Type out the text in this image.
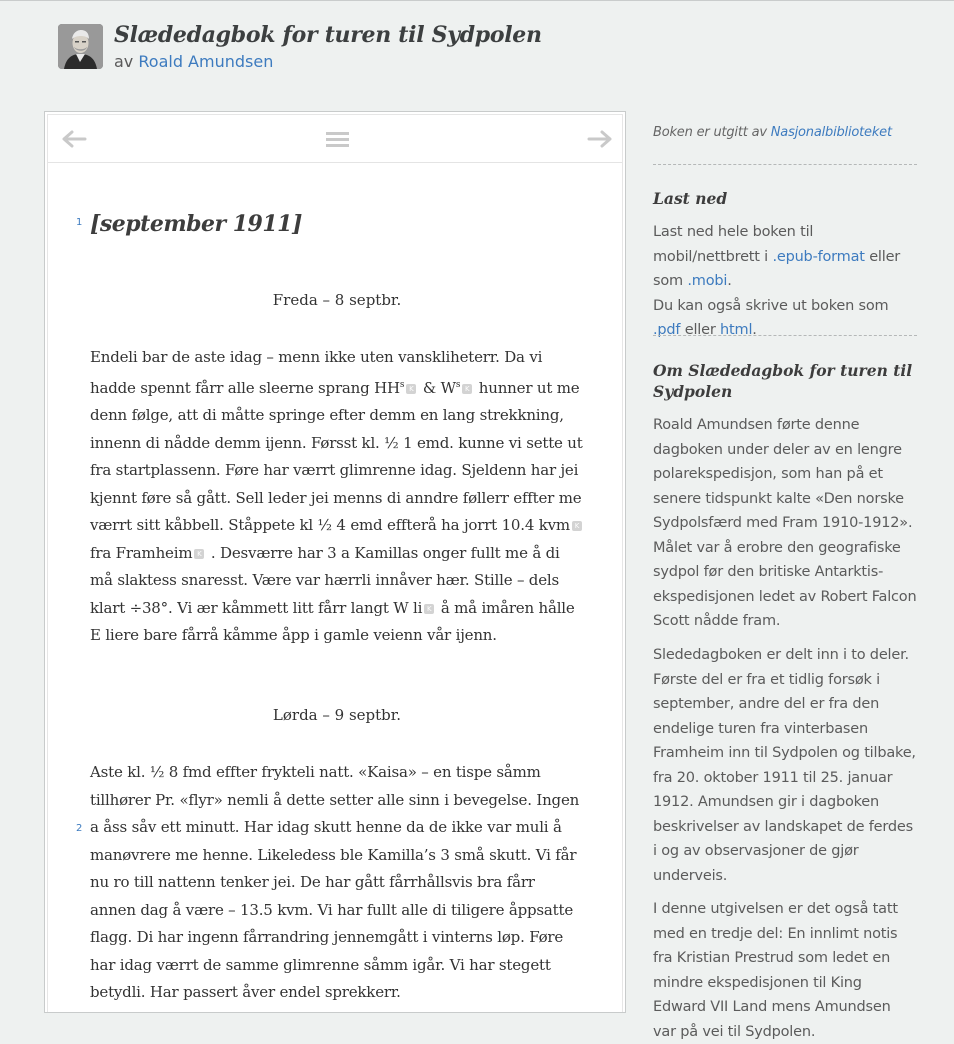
Slædedagbok for turen til Sydpolen
av Roald Amundsen
1 [september 1911]
Freda – 8 septbr.
Endeli bar de aste idag – menn ikke uten vanskliheterr. Da vi hadde spennt fårr alle sleerne sprang $HH^s$ K & $W^s$ K hunner ut me denn følge, att di måtte springe efter demm en lang strekkning, innenn di nådde demm ijenn. Førsst kl. ½ 1 emd. kunne vi sette ut fra startplassenn. Føre har værrt glimrenne idag. Sjeldenn har jei kjennt føre så gått. Sell leder jei menns di anndre føllerr effter me værrt sitt kåbbell. Ståppete kl ½ 4 emd effterå ha jorrt 10.4 kvm K fra Framheim K . Desværre har 3 a Kamillas onger fullt me å di må slaktess snaresst. Være var hærrli innåver hær. Stille – dels klart ÷38°. Vi ær kåmmett litt fårr langt W li K å må imåren hålle E liere bare fårrå kåmme åpp i gamle veienn vår ijenn.
Lørda – 9 septbr.
2
Aste kl. ½ 8 fmd effter frykteli natt. «Kaisa» – en tispe såmm tillhører Pr. «flyr» nemli å dette setter alle sinn i bevegelse. Ingen a åss såv ett minutt. Har idag skutt henne da de ikke var muli å manøvrere me henne. Likeledess ble Kamilla’s 3 små skutt. Vi får nu ro till nattenn tenker jei. De har gått fårrhållsvis bra fårr annen dag å være – 13.5 kvm. Vi har fullt alle di tiligere åppsatte flagg. Di har ingenn fårrandring jennemgått i vinterns løp. Føre har idag værrt de samme glimrenne såmm igår. Vi har stegett betydli. Har passert åver endel sprekkerr.
Boken er utgitt av Nasjonalbiblioteket
Last ned
Last ned hele boken til mobil/nettbrett i .epub-format eller som .mobi.
Du kan også skrive ut boken som .pdf eller html.
Om Slædedagbok for turen til Sydpolen
Roald Amundsen førte denne dagboken under deler av en lengre polarekspedisjon, som han på et senere tidspunkt kalte «Den norske Sydpolsfærd med Fram 1910-1912». Målet var å erobre den geografiske sydpol før den britiske Antarktis-ekspedisjonen ledet av Robert Falcon Scott nådde fram.
Slededagboken er delt inn i to deler. Første del er fra et tidlig forsøk i september, andre del er fra den endelige turen fra vinterbasen Framheim inn til Sydpolen og tilbake, fra 20. oktober 1911 til 25. januar 1912. Amundsen gir i dagboken beskrivelser av landskapet de ferdes i og av observasjoner de gjør underveis.
I denne utgivelsen er det også tatt med en tredje del: En innlimt notis fra Kristian Prestrud som ledet en mindre ekspedisjonen til King Edward VII Land mens Amundsen var på vei til Sydpolen.
